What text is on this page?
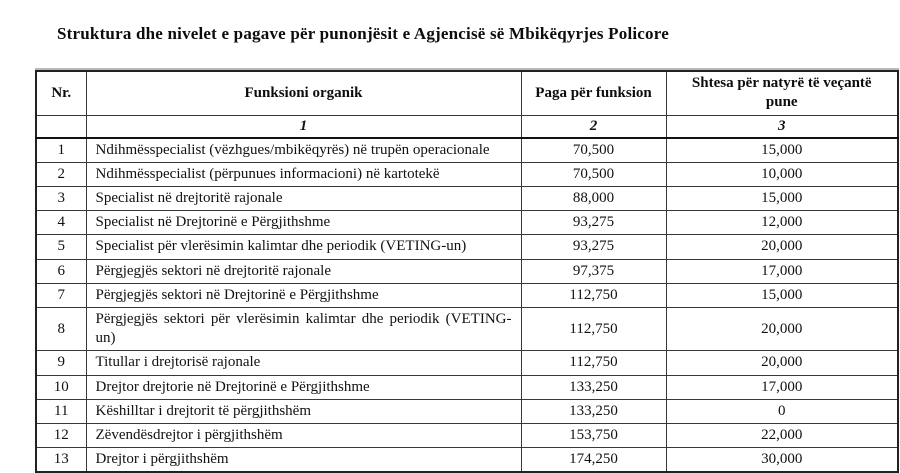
Struktura dhe nivelet e pagave për punonjësit e Agjencisë së Mbikëqyrjes Policore
Nr.	Funksioni organik	Paga për funksion	Shtesa për natyrë të veçantë pune
	1	2	3
1	Ndihmësspecialist (vëzhgues/mbikëqyrës) në trupën operacionale	70,500	15,000
2	Ndihmësspecialist (përpunues informacioni) në kartotekë	70,500	10,000
3	Specialist në drejtoritë rajonale	88,000	15,000
4	Specialist në Drejtorinë e Përgjithshme	93,275	12,000
5	Specialist për vlerësimin kalimtar dhe periodik (VETING-un)	93,275	20,000
6	Përgjegjës sektori në drejtoritë rajonale	97,375	17,000
7	Përgjegjës sektori në Drejtorinë e Përgjithshme	112,750	15,000
8	Përgjegjës sektori për vlerësimin kalimtar dhe periodik (VETING-un)	112,750	20,000
9	Titullar i drejtorisë rajonale	112,750	20,000
10	Drejtor drejtorie në Drejtorinë e Përgjithshme	133,250	17,000
11	Këshilltar i drejtorit të përgjithshëm	133,250	0
12	Zëvendësdrejtor i përgjithshëm	153,750	22,000
13	Drejtor i përgjithshëm	174,250	30,000
